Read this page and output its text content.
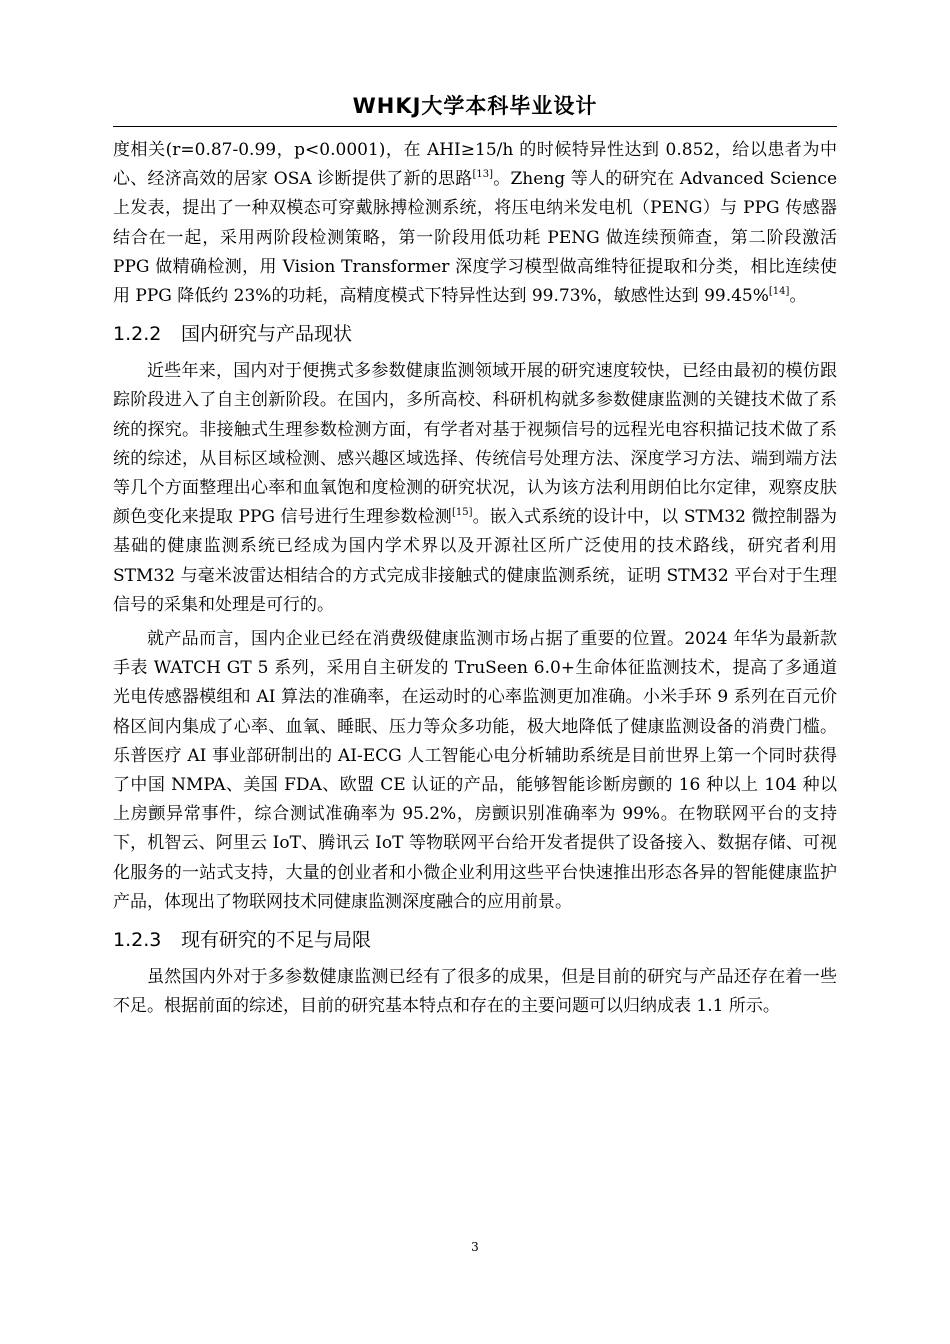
WHKJ大学本科毕业设计

度相关(r=0.87-0.99，p<0.0001)，在 AHI≥15/h 的时候特异性达到 0.852，给以患者为中心、经济高效的居家 OSA 诊断提供了新的思路[13]。Zheng 等人的研究在 Advanced Science 上发表，提出了一种双模态可穿戴脉搏检测系统，将压电纳米发电机（PENG）与 PPG 传感器结合在一起，采用两阶段检测策略，第一阶段用低功耗 PENG 做连续预筛查，第二阶段激活 PPG 做精确检测，用 Vision Transformer 深度学习模型做高维特征提取和分类，相比连续使用 PPG 降低约 23%的功耗，高精度模式下特异性达到 99.73%，敏感性达到 99.45%[14]。

1.2.2 国内研究与产品现状

近些年来，国内对于便携式多参数健康监测领域开展的研究速度较快，已经由最初的模仿跟踪阶段进入了自主创新阶段。在国内，多所高校、科研机构就多参数健康监测的关键技术做了系统的探究。非接触式生理参数检测方面，有学者对基于视频信号的远程光电容积描记技术做了系统的综述，从目标区域检测、感兴趣区域选择、传统信号处理方法、深度学习方法、端到端方法等几个方面整理出心率和血氧饱和度检测的研究状况，认为该方法利用朗伯比尔定律，观察皮肤颜色变化来提取 PPG 信号进行生理参数检测[15]。嵌入式系统的设计中，以 STM32 微控制器为基础的健康监测系统已经成为国内学术界以及开源社区所广泛使用的技术路线，研究者利用 STM32 与毫米波雷达相结合的方式完成非接触式的健康监测系统，证明 STM32 平台对于生理信号的采集和处理是可行的。

就产品而言，国内企业已经在消费级健康监测市场占据了重要的位置。2024 年华为最新款手表 WATCH GT 5 系列，采用自主研发的 TruSeen 6.0+生命体征监测技术，提高了多通道光电传感器模组和 AI 算法的准确率，在运动时的心率监测更加准确。小米手环 9 系列在百元价格区间内集成了心率、血氧、睡眠、压力等众多功能，极大地降低了健康监测设备的消费门槛。乐普医疗 AI 事业部研制出的 AI-ECG 人工智能心电分析辅助系统是目前世界上第一个同时获得了中国 NMPA、美国 FDA、欧盟 CE 认证的产品，能够智能诊断房颤的 16 种以上 104 种以上房颤异常事件，综合测试准确率为 95.2%，房颤识别准确率为 99%。在物联网平台的支持下，机智云、阿里云 IoT、腾讯云 IoT 等物联网平台给开发者提供了设备接入、数据存储、可视化服务的一站式支持，大量的创业者和小微企业利用这些平台快速推出形态各异的智能健康监护产品，体现出了物联网技术同健康监测深度融合的应用前景。

1.2.3 现有研究的不足与局限

虽然国内外对于多参数健康监测已经有了很多的成果，但是目前的研究与产品还存在着一些不足。根据前面的综述，目前的研究基本特点和存在的主要问题可以归纳成表 1.1 所示。

3
